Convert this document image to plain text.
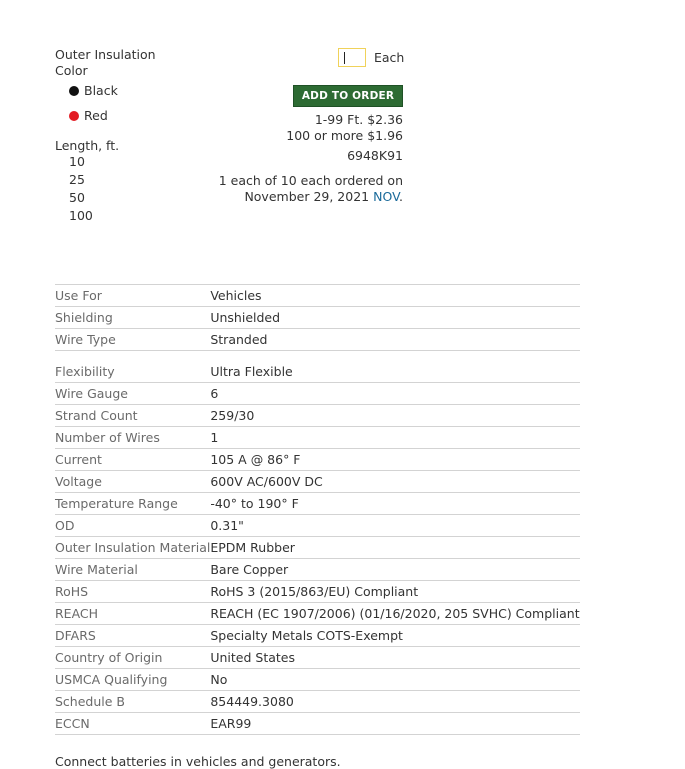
Outer Insulation Color
Black
Red
Length, ft.
10
25
50
100
Each
ADD TO ORDER
1-99 Ft. $2.36
100 or more $1.96
6948K91
1 each of 10 each ordered on
November 29, 2021 NOV.
Use For	Vehicles
Shielding	Unshielded
Wire Type	Stranded

Flexibility	Ultra Flexible

Wire Gauge	6
Strand Count	259/30
Number of Wires	1
Current	105 A @ 86° F
Voltage	600V AC/600V DC
Temperature Range	-40° to 190° F
OD	0.31"
Outer Insulation Material	EPDM Rubber
Wire Material	Bare Copper
RoHS	RoHS 3 (2015/863/EU) Compliant
REACH	REACH (EC 1907/2006) (01/16/2020, 205 SVHC) Compliant
DFARS	Specialty Metals COTS-Exempt
Country of Origin	United States
USMCA Qualifying	No
Schedule B	854449.3080
ECCN	EAR99
Connect batteries in vehicles and generators.
